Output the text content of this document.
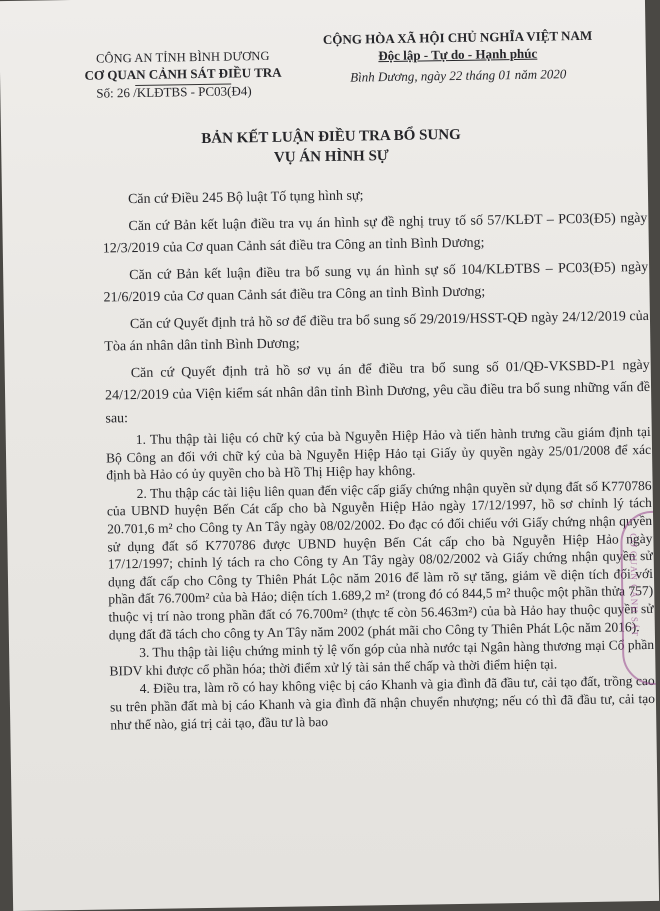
CÔNG AN TỈNH BÌNH DƯƠNG
CƠ QUAN CẢNH SÁT ĐIỀU TRA
Số: 26 /KLĐTBS - PC03(Đ4)
CỘNG HÒA XÃ HỘI CHỦ NGHĨA VIỆT NAM
Độc lập - Tự do - Hạnh phúc
Bình Dương, ngày 22 tháng 01 năm 2020
BẢN KẾT LUẬN ĐIỀU TRA BỔ SUNG
VỤ ÁN HÌNH SỰ

Căn cứ Điều 245 Bộ luật Tố tụng hình sự;

Căn cứ Bản kết luận điều tra vụ án hình sự đề nghị truy tố số 57/KLĐT – PC03(Đ5) ngày 12/3/2019 của Cơ quan Cảnh sát điều tra Công an tỉnh Bình Dương;

Căn cứ Bản kết luận điều tra bổ sung vụ án hình sự số 104/KLĐTBS – PC03(Đ5) ngày 21/6/2019 của Cơ quan Cảnh sát điều tra Công an tỉnh Bình Dương;

Căn cứ Quyết định trả hồ sơ để điều tra bổ sung số 29/2019/HSST-QĐ ngày 24/12/2019 của Tòa án nhân dân tỉnh Bình Dương;

Căn cứ Quyết định trả hồ sơ vụ án để điều tra bổ sung số 01/QĐ-VKSBD-P1 ngày 24/12/2019 của Viện kiểm sát nhân dân tỉnh Bình Dương, yêu cầu điều tra bổ sung những vấn đề sau:

1. Thu thập tài liệu có chữ ký của bà Nguyễn Hiệp Hảo và tiến hành trưng cầu giám định tại Bộ Công an đối với chữ ký của bà Nguyễn Hiệp Hảo tại Giấy ủy quyền ngày 25/01/2008 để xác định bà Hảo có ủy quyền cho bà Hồ Thị Hiệp hay không.

2. Thu thập các tài liệu liên quan đến việc cấp giấy chứng nhận quyền sử dụng đất số K770786 của UBND huyện Bến Cát cấp cho bà Nguyễn Hiệp Hảo ngày 17/12/1997, hồ sơ chỉnh lý tách 20.701,6 m² cho Công ty An Tây ngày 08/02/2002. Đo đạc có đối chiếu với Giấy chứng nhận quyền sử dụng đất số K770786 được UBND huyện Bến Cát cấp cho bà Nguyễn Hiệp Hảo ngày 17/12/1997; chỉnh lý tách ra cho Công ty An Tây ngày 08/02/2002 và Giấy chứng nhận quyền sử dụng đất cấp cho Công ty Thiên Phát Lộc năm 2016 để làm rõ sự tăng, giảm về diện tích đối với phần đất 76.700m² của bà Hảo; diện tích 1.689,2 m² (trong đó có 844,5 m² thuộc một phần thửa 757) thuộc vị trí nào trong phần đất có 76.700m² (thực tế còn 56.463m²) của bà Hảo hay thuộc quyền sử dụng đất đã tách cho công ty An Tây năm 2002 (phát mãi cho Công ty Thiên Phát Lộc năm 2016).

3. Thu thập tài liệu chứng minh tỷ lệ vốn góp của nhà nước tại Ngân hàng thương mại Cổ phần BIDV khi được cổ phần hóa; thời điểm xử lý tài sản thế chấp và thời điểm hiện tại.

4. Điều tra, làm rõ có hay không việc bị cáo Khanh và gia đình đã đầu tư, cải tạo đất, trồng cao su trên phần đất mà bị cáo Khanh và gia đình đã nhận chuyển nhượng; nếu có thì đã đầu tư, cải tạo như thế nào, giá trị cải tạo, đầu tư là bao

CƠ QUAN CẢNH SÁT
